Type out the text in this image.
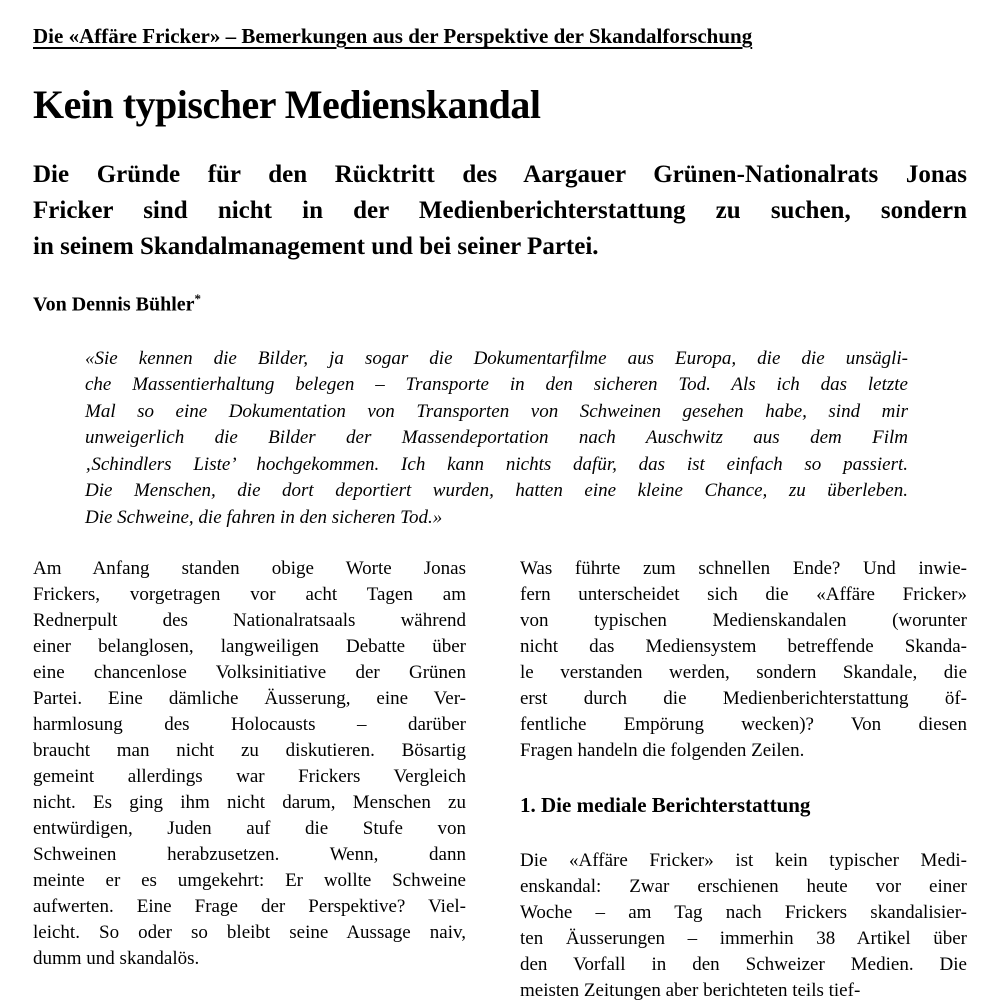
Die «Affäre Fricker» – Bemerkungen aus der Perspektive der Skandalforschung
Kein typischer Medienskandal
Die Gründe für den Rücktritt des Aargauer Grünen-Nationalrats Jonas
Fricker sind nicht in der Medienberichterstattung zu suchen, sondern
in seinem Skandalmanagement und bei seiner Partei.
Von Dennis Bühler*
«Sie kennen die Bilder, ja sogar die Dokumentarfilme aus Europa, die die unsägli-
che Massentierhaltung belegen – Transporte in den sicheren Tod. Als ich das letzte
Mal so eine Dokumentation von Transporten von Schweinen gesehen habe, sind mir
unweigerlich die Bilder der Massendeportation nach Auschwitz aus dem Film
‚Schindlers Liste’ hochgekommen. Ich kann nichts dafür, das ist einfach so passiert.
Die Menschen, die dort deportiert wurden, hatten eine kleine Chance, zu überleben.
Die Schweine, die fahren in den sicheren Tod.»
Am Anfang standen obige Worte Jonas
Frickers, vorgetragen vor acht Tagen am
Rednerpult des Nationalratsaals während
einer belanglosen, langweiligen Debatte über
eine chancenlose Volksinitiative der Grünen
Partei. Eine dämliche Äusserung, eine Ver-
harmlosung des Holocausts – darüber
braucht man nicht zu diskutieren. Bösartig
gemeint allerdings war Frickers Vergleich
nicht. Es ging ihm nicht darum, Menschen zu
entwürdigen, Juden auf die Stufe von
Schweinen herabzusetzen. Wenn, dann
meinte er es umgekehrt: Er wollte Schweine
aufwerten. Eine Frage der Perspektive? Viel-
leicht. So oder so bleibt seine Aussage naiv,
dumm und skandalös.
Was führte zum schnellen Ende? Und inwie-
fern unterscheidet sich die «Affäre Fricker»
von typischen Medienskandalen (worunter
nicht das Mediensystem betreffende Skanda-
le verstanden werden, sondern Skandale, die
erst durch die Medienberichterstattung öf-
fentliche Empörung wecken)? Von diesen
Fragen handeln die folgenden Zeilen.
1. Die mediale Berichterstattung
Die «Affäre Fricker» ist kein typischer Medi-
enskandal: Zwar erschienen heute vor einer
Woche – am Tag nach Frickers skandalisier-
ten Äusserungen – immerhin 38 Artikel über
den Vorfall in den Schweizer Medien. Die
meisten Zeitungen aber berichteten teils tief-
